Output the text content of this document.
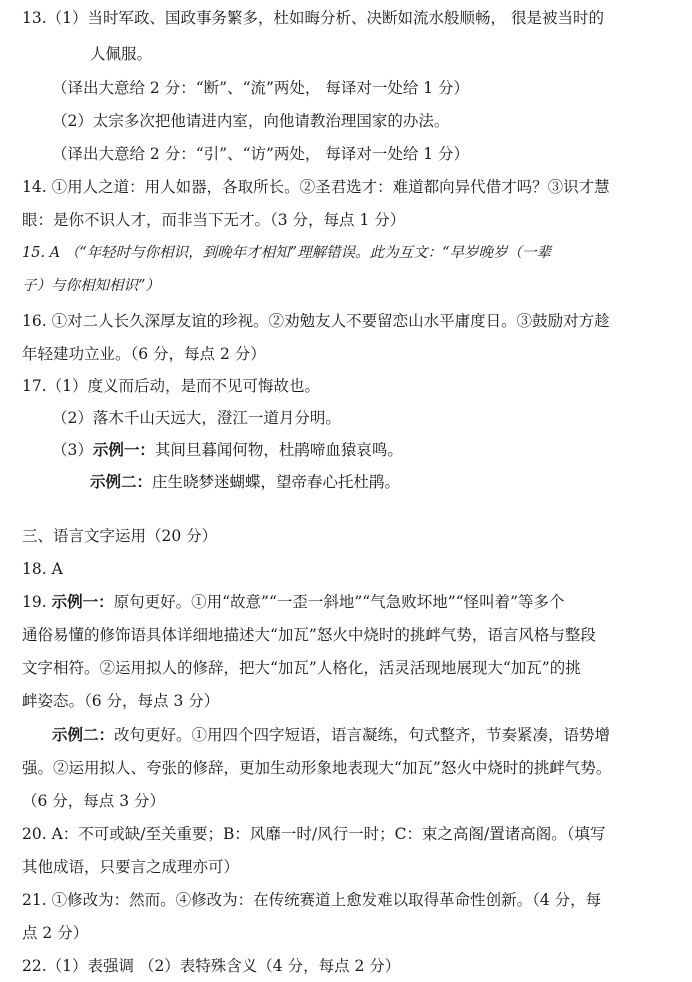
13.（1）当时军政、国政事务繁多，杜如晦分析、决断如流水般顺畅， 很是被当时的
人佩服。
（译出大意给 2 分：“断”、“流”两处， 每译对一处给 1 分）
（2）太宗多次把他请进内室，向他请教治理国家的办法。
（译出大意给 2 分：“引”、“访”两处， 每译对一处给 1 分）
14. ①用人之道：用人如器，各取所长。②圣君选才：难道都向异代借才吗？③识才慧
眼：是你不识人才，而非当下无才。（3 分，每点 1 分）
15. A （“年轻时与你相识，到晚年才相知”理解错误。此为互文：“早岁晚岁（一辈
子）与你相知相识”）
16. ①对二人长久深厚友谊的珍视。②劝勉友人不要留恋山水平庸度日。③鼓励对方趁
年轻建功立业。（6 分，每点 2 分）
17.（1）度义而后动，是而不见可悔故也。
（2）落木千山天远大，澄江一道月分明。
（3）示例一：其间旦暮闻何物，杜鹃啼血猿哀鸣。
示例二：庄生晓梦迷蝴蝶，望帝春心托杜鹃。
三、语言文字运用（20 分）
18. A
19. 示例一：原句更好。①用“故意”“一歪一斜地”“气急败坏地”“怪叫着”等多个
通俗易懂的修饰语具体详细地描述大“加瓦”怒火中烧时的挑衅气势，语言风格与整段
文字相符。②运用拟人的修辞，把大“加瓦”人格化，活灵活现地展现大“加瓦”的挑
衅姿态。（6 分，每点 3 分）
示例二：改句更好。①用四个四字短语，语言凝练，句式整齐，节奏紧凑，语势增
强。②运用拟人、夸张的修辞，更加生动形象地表现大“加瓦”怒火中烧时的挑衅气势。
（6 分，每点 3 分）
20. A：不可或缺/至关重要；B：风靡一时/风行一时；C：束之高阁/置诸高阁。（填写
其他成语，只要言之成理亦可）
21. ①修改为：然而。④修改为：在传统赛道上愈发难以取得革命性创新。（4 分，每
点 2 分）
22.（1）表强调 （2）表特殊含义（4 分，每点 2 分）
